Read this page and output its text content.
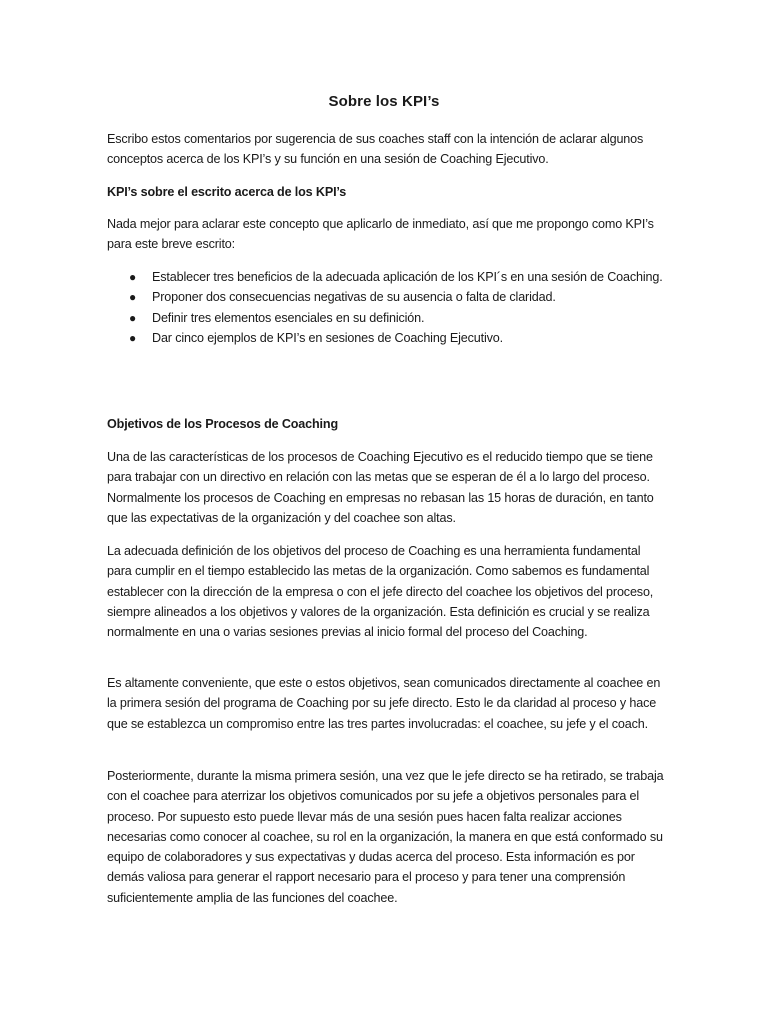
Sobre los KPI’s
Escribo estos comentarios por sugerencia de sus coaches staff con la intención de aclarar algunos conceptos acerca de los KPI’s y su función en una sesión de Coaching Ejecutivo.
KPI’s sobre el escrito acerca de los KPI’s
Nada mejor para aclarar este concepto que aplicarlo de inmediato, así que me propongo como KPI’s para este breve escrito:
● Establecer tres beneficios de la adecuada aplicación de los KPI´s en una sesión de Coaching.
● Proponer dos consecuencias negativas de su ausencia o falta de claridad.
● Definir tres elementos esenciales en su definición.
● Dar cinco ejemplos de KPI’s en sesiones de Coaching Ejecutivo.
Objetivos de los Procesos de Coaching
Una de las características de los procesos de Coaching Ejecutivo es el reducido tiempo que se tiene para trabajar con un directivo en relación con las metas que se esperan de él a lo largo del proceso. Normalmente los procesos de Coaching en empresas no rebasan las 15 horas de duración, en tanto que las expectativas de la organización y del coachee son altas.
La adecuada definición de los objetivos del proceso de Coaching es una herramienta fundamental para cumplir en el tiempo establecido las metas de la organización. Como sabemos es fundamental establecer con la dirección de la empresa o con el jefe directo del coachee los objetivos del proceso, siempre alineados a los objetivos y valores de la organización. Esta definición es crucial y se realiza normalmente en una o varias sesiones previas al inicio formal del proceso del Coaching.
Es altamente conveniente, que este o estos objetivos, sean comunicados directamente al coachee en la primera sesión del programa de Coaching por su jefe directo. Esto le da claridad al proceso y hace que se establezca un compromiso entre las tres partes involucradas: el coachee, su jefe y el coach.
Posteriormente, durante la misma primera sesión, una vez que le jefe directo se ha retirado, se trabaja con el coachee para aterrizar los objetivos comunicados por su jefe a objetivos personales para el proceso. Por supuesto esto puede llevar más de una sesión pues hacen falta realizar acciones necesarias como conocer al coachee, su rol en la organización, la manera en que está conformado su equipo de colaboradores y sus expectativas y dudas acerca del proceso. Esta información es por demás valiosa para generar el rapport necesario para el proceso y para tener una comprensión suficientemente amplia de las funciones del coachee.
